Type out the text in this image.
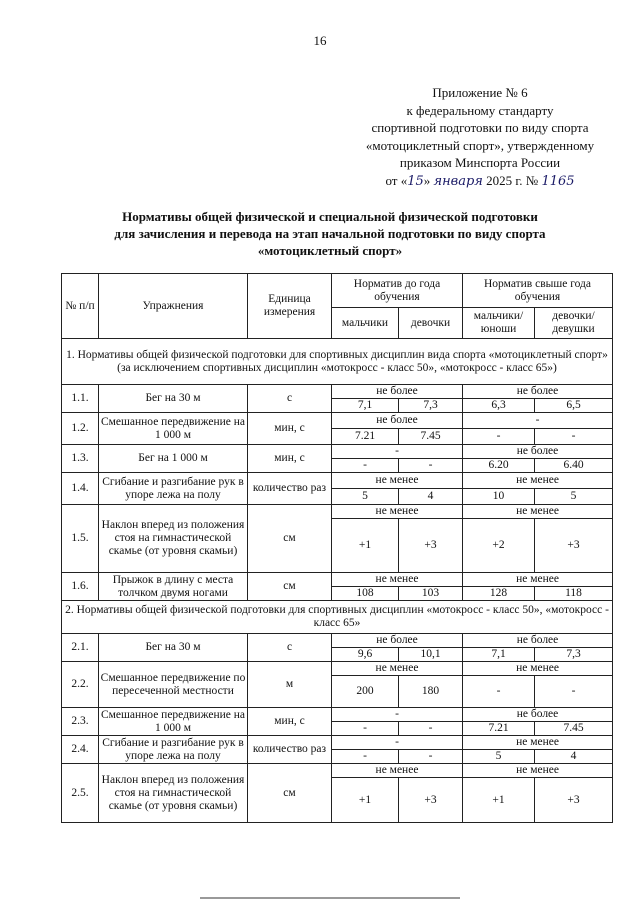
16
Приложение № 6
к федеральному стандарту
спортивной подготовки по виду спорта
«мотоциклетный спорт», утвержденному
приказом Минспорта России
от «15» января 2025 г. № 1165
Нормативы общей физической и специальной физической подготовки
для зачисления и перевода на этап начальной подготовки по виду спорта
«мотоциклетный спорт»
№ п/п	Упражнения	Единица измерения	Норматив до года обучения		Норматив свыше года обучения	
			мальчики	девочки	мальчики/ юноши	девочки/ девушки
1. Нормативы общей физической подготовки для спортивных дисциплин вида спорта «мотоциклетный спорт» (за исключением спортивных дисциплин «мотокросс - класс 50», «мотокросс - класс 65»)						
1.1.	Бег на 30 м	с	не более		не более	
			7,1	7,3	6,3	6,5
1.2.	Смешанное передвижение на 1 000 м	мин, с	не более		-	
			7.21	7.45	-	-
1.3.	Бег на 1 000 м	мин, с	-		не более	
			-	-	6.20	6.40
1.4.	Сгибание и разгибание рук в упоре лежа на полу	количество раз	не менее		не менее	
			5	4	10	5
1.5.	Наклон вперед из положения стоя на гимнастической скамье (от уровня скамьи)	см	не менее		не менее	
			+1	+3	+2	+3
1.6.	Прыжок в длину с места толчком двумя ногами	см	не менее		не менее	
			108	103	128	118
2. Нормативы общей физической подготовки для спортивных дисциплин «мотокросс - класс 50», «мотокросс - класс 65»						
2.1.	Бег на 30 м	с	не более		не более	
			9,6	10,1	7,1	7,3
2.2.	Смешанное передвижение по пересеченной местности	м	не менее		не менее	
			200	180	-	-
2.3.	Смешанное передвижение на 1 000 м	мин, с	-		не более	
			-	-	7.21	7.45
2.4.	Сгибание и разгибание рук в упоре лежа на полу	количество раз	-		не менее	
			-	-	5	4
2.5.	Наклон вперед из положения стоя на гимнастической скамье (от уровня скамьи)	см	не менее		не менее	
			+1	+3	+1	+3
